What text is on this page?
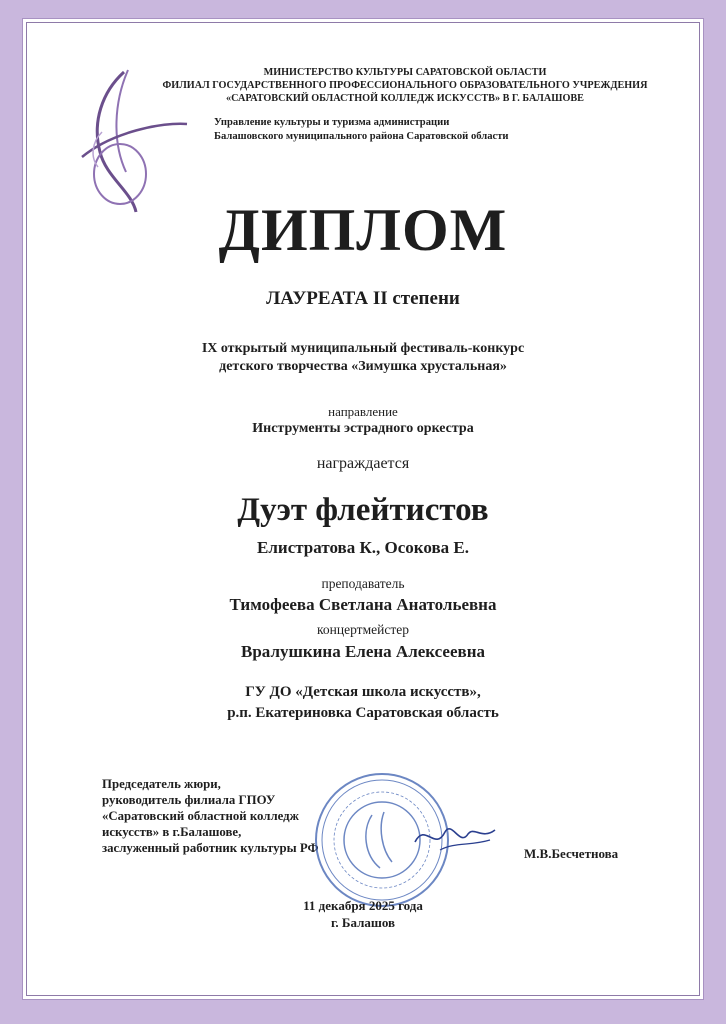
МИНИСТЕРСТВО КУЛЬТУРЫ САРАТОВСКОЙ ОБЛАСТИ
ФИЛИАЛ ГОСУДАРСТВЕННОГО ПРОФЕССИОНАЛЬНОГО ОБРАЗОВАТЕЛЬНОГО УЧРЕЖДЕНИЯ
«САРАТОВСКИЙ ОБЛАСТНОЙ КОЛЛЕДЖ ИСКУССТВ» В Г. БАЛАШОВЕ
Управление культуры и туризма администрации
Балашовского муниципального района Саратовской области
ДИПЛОМ
ЛАУРЕАТА II степени
IX открытый муниципальный фестиваль-конкурс
детского творчества «Зимушка хрустальная»
направление
Инструменты эстрадного оркестра
награждается
Дуэт флейтистов
Елистратова К., Осокова Е.
преподаватель
Тимофеева Светлана Анатольевна
концертмейстер
Вралушкина Елена Алексеевна
ГУ ДО «Детская школа искусств»,
р.п. Екатериновка Саратовская область
Председатель жюри,
руководитель филиала ГПОУ
«Саратовский областной колледж
искусств» в г.Балашове,
заслуженный работник культуры РФ	М.В.Бесчетнова
11 декабря 2025 года
г. Балашов
